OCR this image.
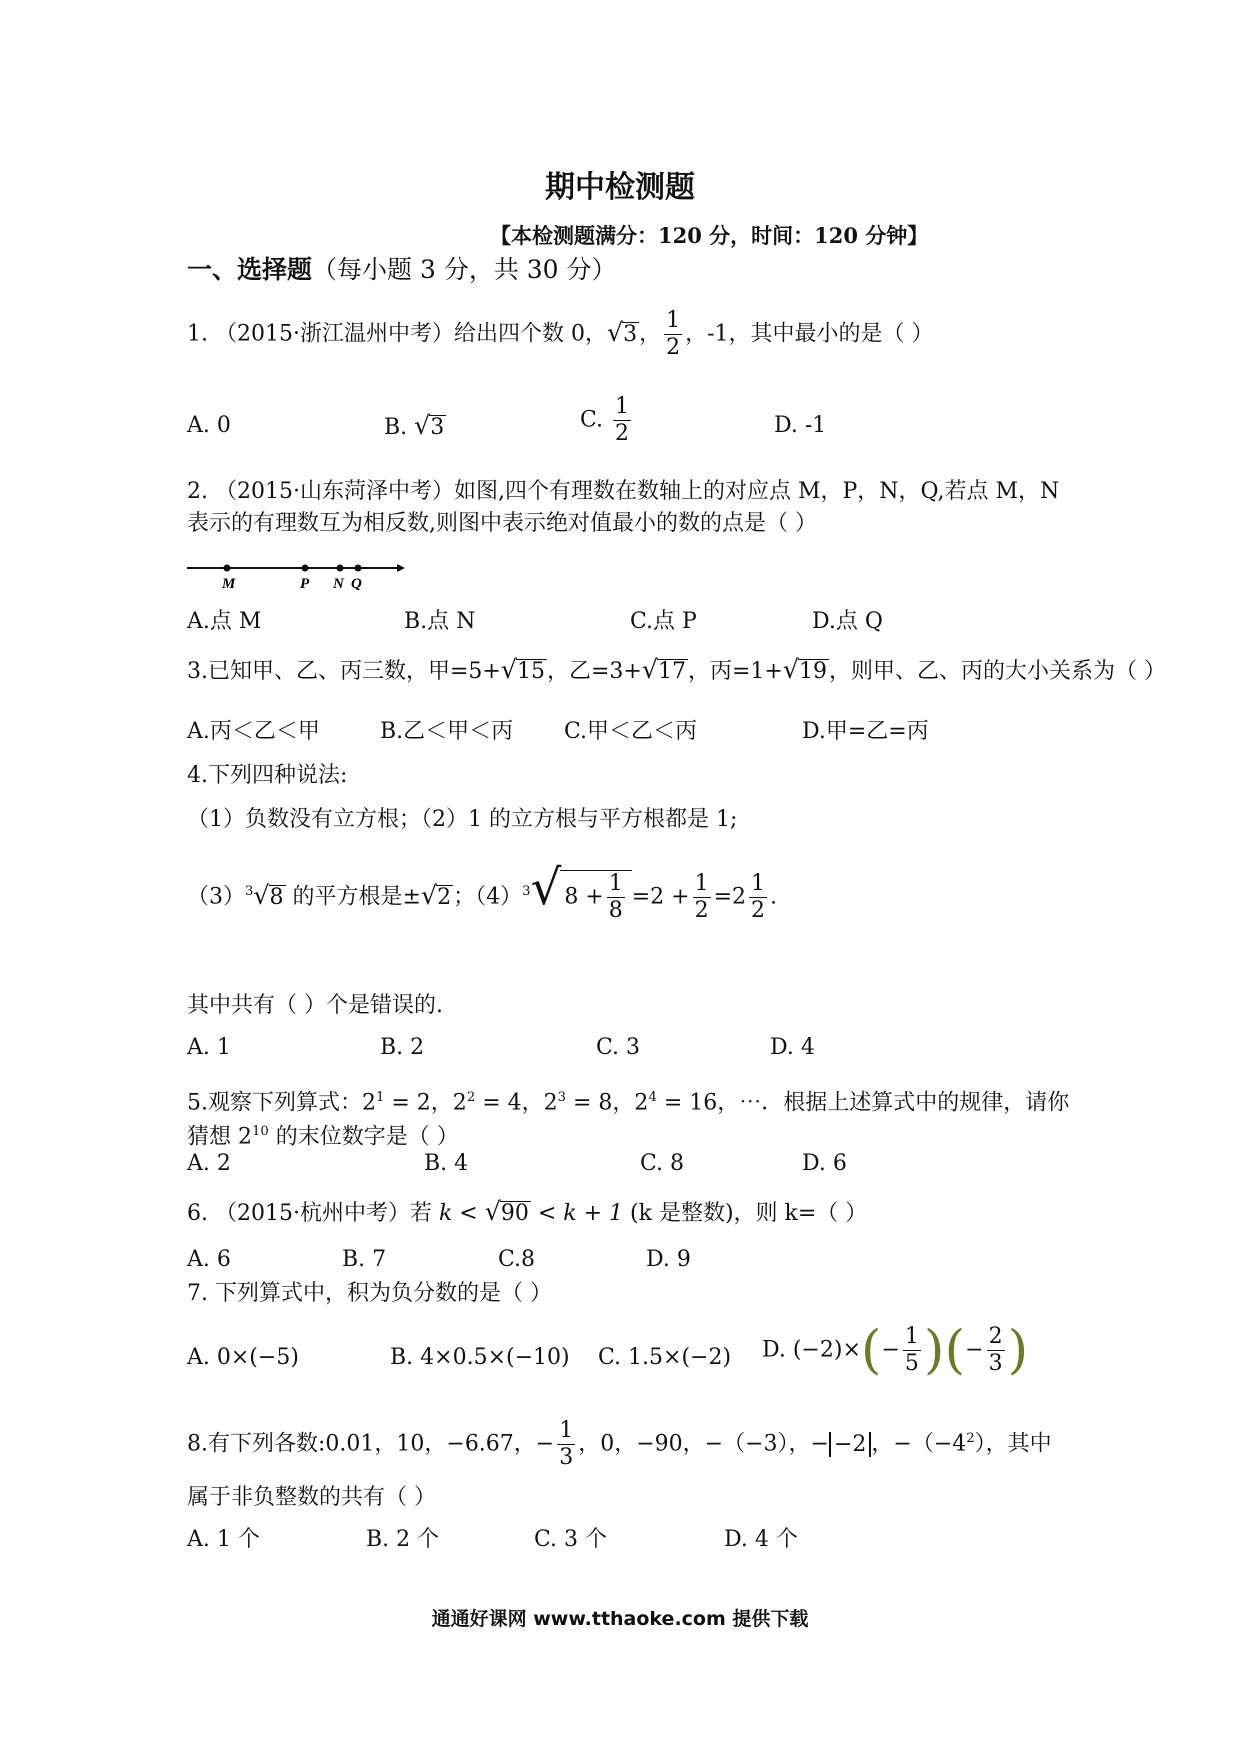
期中检测题
【本检测题满分：120 分，时间：120 分钟】
一、选择题（每小题 3 分，共 30 分）
1. （2015·浙江温州中考）给出四个数 0，√3， $\frac{1}{2}$ ，-1，其中最小的是（ ）
A. 0	B. √3	C. $\frac{1}{2}$	D. -1
2. （2015·山东菏泽中考）如图,四个有理数在数轴上的对应点 M，P，N，Q,若点 M，N
表示的有理数互为相反数,则图中表示绝对值最小的数的点是（ ）
M	P N Q
A.点 M	B.点 N	C.点 P	D.点 Q
3.已知甲、乙、丙三数，甲=5+√15，乙=3+√17，丙=1+√19，则甲、乙、丙的大小关系为（ ）
A.丙＜乙＜甲	B.乙＜甲＜丙 C.甲＜乙＜丙	D.甲=乙=丙
4.下列四种说法:
（1）负数没有立方根；（2）1 的立方根与平方根都是 1;
$(3)^3√8$ 的平方根是±√2；$(4)^3√$ $8 + \frac{1}{8} =2 + \frac{1}{2} =2 \frac{1}{2}$ .
其中共有（ ）个是错误的.
A. 1	B. 2	C. 3	D. 4
5.观察下列算式：$2^1 = 2$，$2^2 = 4$，$2^3 = 8$，$2^4 = 16$，⋯．根据上述算式中的规律，请你
猜想 $2^{10}$ 的末位数字是（ ）
A. 2	B. 4	C. 8	D. 6
6. （2015·杭州中考）若 k < √90 < k + 1 (k 是整数)，则 k=（ ）
A. 6	B. 7	C.8	D. 9
7. 下列算式中，积为负分数的是（ ）
A. 0×(−5)	B. 4×0.5×(−10) C. 1.5×(−2) D. $(-2)\times(- \frac{1}{5}$ )(− $\frac{2}{3}$ )
8.有下列各数:0.01，10，−6.67，− $\frac{1}{3}$ ，0，−90，−（−3），− −2 ，$-(-4^2)$，其中
属于非负整数的共有（ ）
A. 1 个	B. 2 个	C. 3 个	D. 4 个
通通好课网 www.tthaoke.com 提供下载
